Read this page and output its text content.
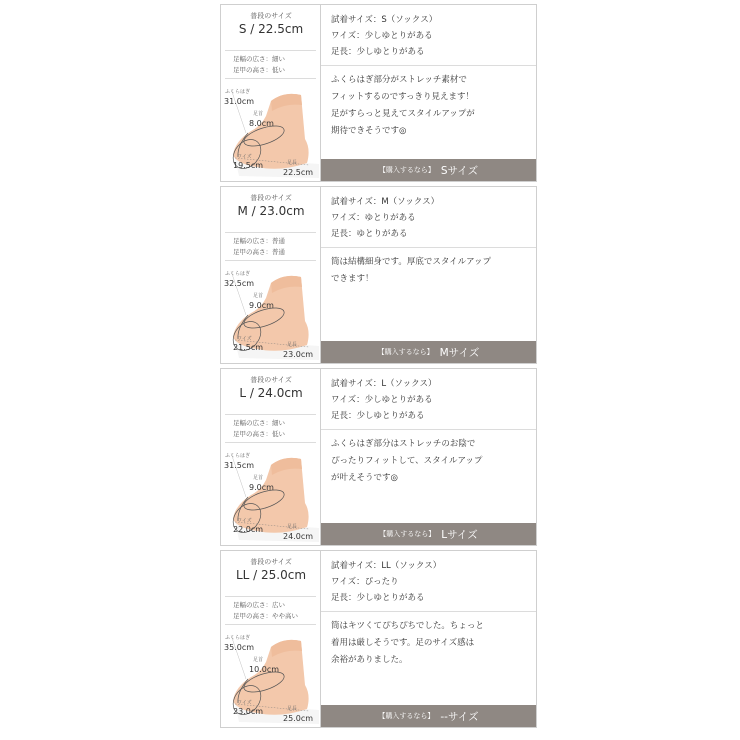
普段のサイズ
S / 22.5cm
足幅の広さ：細い
足甲の高さ：低い
ふくらはぎ
31.0cm
足首
8.0cm
ワイズ
19.5cm	足長
22.5cm
試着サイズ：S（ソックス）
ワイズ：少しゆとりがある
足長：少しゆとりがある
ふくらはぎ部分がストレッチ素材で
フィットするのですっきり見えます！
足がすらっと見えてスタイルアップが
期待できそうです◎
【購入するなら】 Sサイズ
普段のサイズ
M / 23.0cm
足幅の広さ：普通
足甲の高さ：普通
ふくらはぎ
32.5cm
足首
9.0cm
ワイズ
21.5cm	足長
23.0cm
試着サイズ：M（ソックス）
ワイズ：ゆとりがある
足長：ゆとりがある
筒は結構細身です。厚底でスタイルアップ
できます！
【購入するなら】 Mサイズ
普段のサイズ
L / 24.0cm
足幅の広さ：細い
足甲の高さ：低い
ふくらはぎ
31.5cm
足首
9.0cm
ワイズ
22.0cm	足長
24.0cm
試着サイズ：L（ソックス）
ワイズ：少しゆとりがある
足長：少しゆとりがある
ふくらはぎ部分はストレッチのお陰で
ぴったりフィットして、スタイルアップ
が叶えそうです◎
【購入するなら】 Lサイズ
普段のサイズ
LL / 25.0cm
足幅の広さ：広い
足甲の高さ：やや高い
ふくらはぎ
35.0cm
足首
10.0cm
ワイズ
23.0cm	足長
25.0cm
試着サイズ：LL（ソックス）
ワイズ：ぴったり
足長：少しゆとりがある
筒はキツくてぴちぴちでした。ちょっと
着用は厳しそうです。足のサイズ感は
余裕がありました。
【購入するなら】 --サイズ
